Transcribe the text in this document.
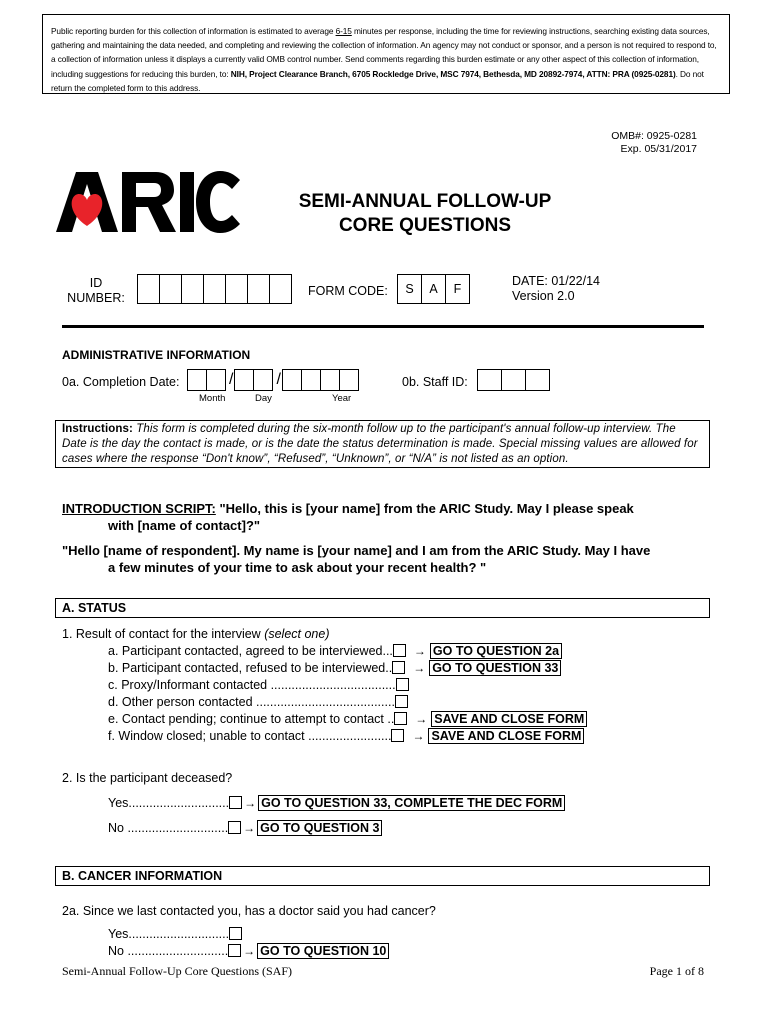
Public reporting burden for this collection of information is estimated to average 6-15 minutes per response, including the time for reviewing instructions, searching existing data sources, gathering and maintaining the data needed, and completing and reviewing the collection of information. An agency may not conduct or sponsor, and a person is not required to respond to, a collection of information unless it displays a currently valid OMB control number. Send comments regarding this burden estimate or any other aspect of this collection of information, including suggestions for reducing this burden, to: NIH, Project Clearance Branch, 6705 Rockledge Drive, MSC 7974, Bethesda, MD 20892-7974, ATTN: PRA (0925-0281). Do not return the completed form to this address.
OMB#: 0925-0281
Exp. 05/31/2017
SEMI-ANNUAL FOLLOW-UP
CORE QUESTIONS
ID
NUMBER:	FORM CODE:	S	A	F
DATE: 01/22/14
Version 2.0
ADMINISTRATIVE INFORMATION
0a. Completion Date:	/	/
Month	Day	Year
0b. Staff ID:
Instructions: This form is completed during the six-month follow up to the participant's annual follow-up interview. The Date is the day the contact is made, or is the date the status determination is made. Special missing values are allowed for cases where the response “Don't know”, “Refused”, “Unknown”, or “N/A” is not listed as an option.
INTRODUCTION SCRIPT: "Hello, this is [your name] from the ARIC Study. May I please speak
with [name of contact]?"
"Hello [name of respondent]. My name is [your name] and I am from the ARIC Study. May I have
a few minutes of your time to ask about your recent health? "
A. STATUS
1. Result of contact for the interview (select one)
a. Participant contacted, agreed to be interviewed... → GO TO QUESTION 2a
b. Participant contacted, refused to be interviewed.. → GO TO QUESTION 33
c. Proxy/Informant contacted ....................................
d. Other person contacted ........................................
e. Contact pending; continue to attempt to contact .. → SAVE AND CLOSE FORM
f. Window closed; unable to contact ........................ → SAVE AND CLOSE FORM
2. Is the participant deceased?
Yes............................. → GO TO QUESTION 33, COMPLETE THE DEC FORM
No ............................. → GO TO QUESTION 3
B. CANCER INFORMATION
2a. Since we last contacted you, has a doctor said you had cancer?
Yes.............................
No ............................. → GO TO QUESTION 10
Semi-Annual Follow-Up Core Questions (SAF)	Page 1 of 8
